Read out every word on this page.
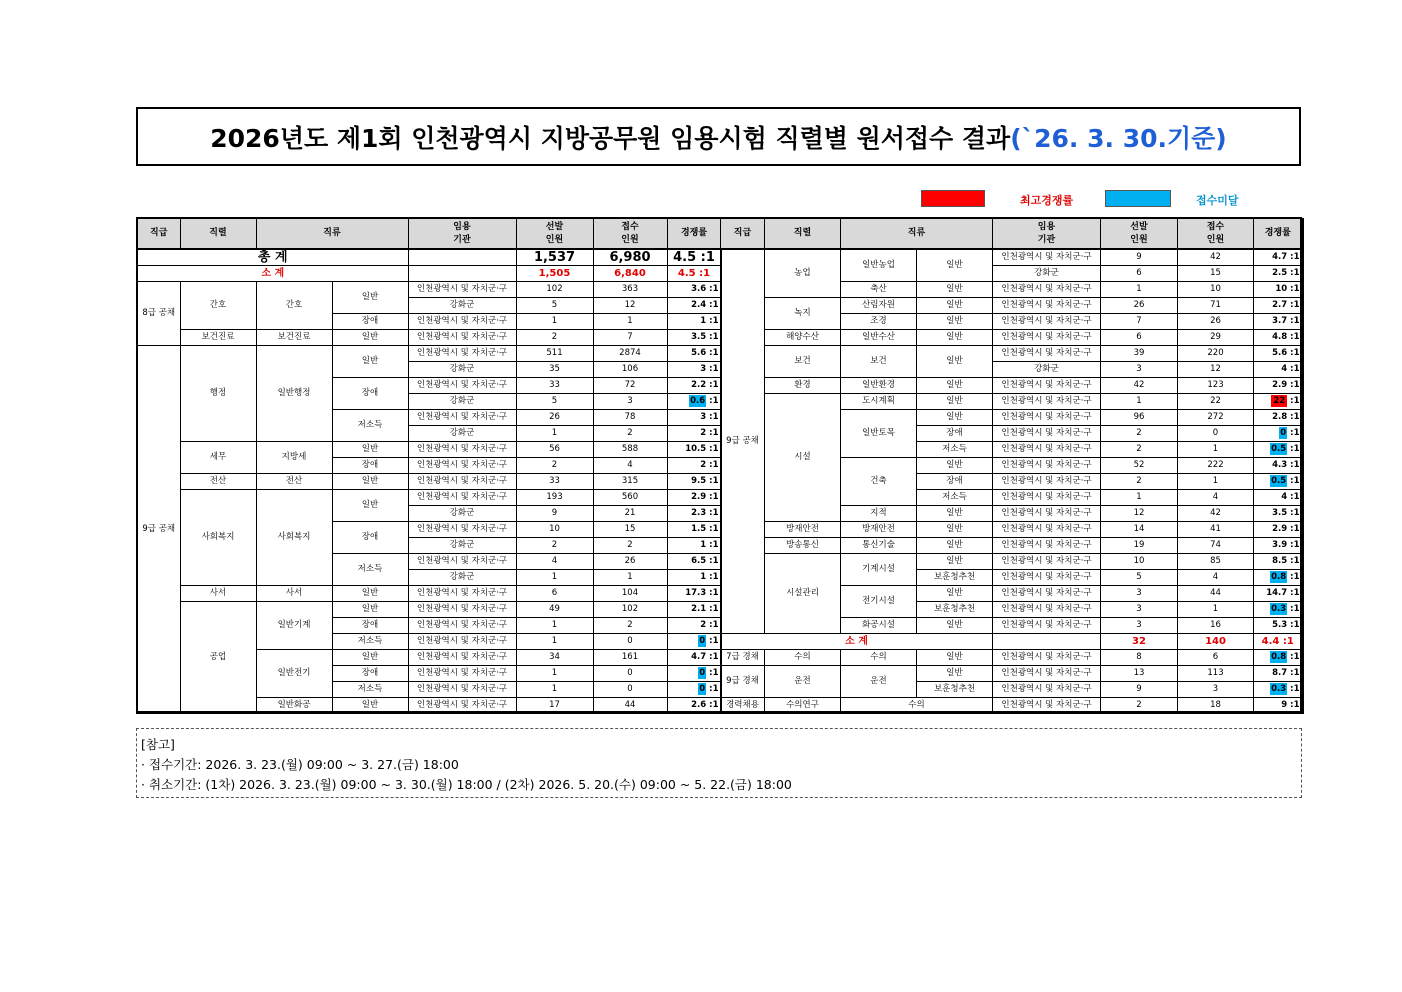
2026년도 제1회 인천광역시 지방공무원 임용시험 직렬별 원서접수 결과 (`26. 3. 30.기준)
최고경쟁률	접수미달
직급	직렬	직류		임용
기관	선발
인원	접수
인원	경쟁률
총 계					1,537	6,980	4.5 :1
소 계					1,505	6,840	4.5 :1
8급 공채	간호	간호	일반	인천광역시 및 자치군·구	102	363	3.6 :1
				강화군	5	12	2.4 :1
			장애	인천광역시 및 자치군·구	1	1	1 :1
	보건진료	보건진료	일반	인천광역시 및 자치군·구	2	7	3.5 :1
9급 공채	행정	일반행정	일반	인천광역시 및 자치군·구	511	2874	5.6 :1
				강화군	35	106	3 :1
			장애	인천광역시 및 자치군·구	33	72	2.2 :1
				강화군	5	3	0.6 :1
			저소득	인천광역시 및 자치군·구	26	78	3 :1
				강화군	1	2	2 :1
	세무	지방세	일반	인천광역시 및 자치군·구	56	588	10.5 :1
			장애	인천광역시 및 자치군·구	2	4	2 :1
	전산	전산	일반	인천광역시 및 자치군·구	33	315	9.5 :1
	사회복지	사회복지	일반	인천광역시 및 자치군·구	193	560	2.9 :1
				강화군	9	21	2.3 :1
			장애	인천광역시 및 자치군·구	10	15	1.5 :1
				강화군	2	2	1 :1
			저소득	인천광역시 및 자치군·구	4	26	6.5 :1
				강화군	1	1	1 :1
	사서	사서	일반	인천광역시 및 자치군·구	6	104	17.3 :1
	공업	일반기계	일반	인천광역시 및 자치군·구	49	102	2.1 :1
			장애	인천광역시 및 자치군·구	1	2	2 :1
			저소득	인천광역시 및 자치군·구	1	0	0 :1
		일반전기	일반	인천광역시 및 자치군·구	34	161	4.7 :1
			장애	인천광역시 및 자치군·구	1	0	0 :1
			저소득	인천광역시 및 자치군·구	1	0	0 :1
		일반화공	일반	인천광역시 및 자치군·구	17	44	2.6 :1
직급	직렬	직류		임용
기관	선발
인원	접수
인원	경쟁률
9급 공채	농업	일반농업	일반	인천광역시 및 자치군·구	9	42	4.7 :1
				강화군	6	15	2.5 :1
		축산	일반	인천광역시 및 자치군·구	1	10	10 :1
	녹지	산림자원	일반	인천광역시 및 자치군·구	26	71	2.7 :1
		조경	일반	인천광역시 및 자치군·구	7	26	3.7 :1
	해양수산	일반수산	일반	인천광역시 및 자치군·구	6	29	4.8 :1
	보건	보건	일반	인천광역시 및 자치군·구	39	220	5.6 :1
				강화군	3	12	4 :1
	환경	일반환경	일반	인천광역시 및 자치군·구	42	123	2.9 :1
	시설	도시계획	일반	인천광역시 및 자치군·구	1	22	22 :1
		일반토목	일반	인천광역시 및 자치군·구	96	272	2.8 :1
			장애	인천광역시 및 자치군·구	2	0	0 :1
			저소득	인천광역시 및 자치군·구	2	1	0.5 :1
		건축	일반	인천광역시 및 자치군·구	52	222	4.3 :1
			장애	인천광역시 및 자치군·구	2	1	0.5 :1
			저소득	인천광역시 및 자치군·구	1	4	4 :1
		지적	일반	인천광역시 및 자치군·구	12	42	3.5 :1
	방재안전	방재안전	일반	인천광역시 및 자치군·구	14	41	2.9 :1
	방송통신	통신기술	일반	인천광역시 및 자치군·구	19	74	3.9 :1
	시설관리	기계시설	일반	인천광역시 및 자치군·구	10	85	8.5 :1
			보훈청추천	인천광역시 및 자치군·구	5	4	0.8 :1
		전기시설	일반	인천광역시 및 자치군·구	3	44	14.7 :1
			보훈청추천	인천광역시 및 자치군·구	3	1	0.3 :1
		화공시설	일반	인천광역시 및 자치군·구	3	16	5.3 :1
소 계					32	140	4.4 :1
7급 경채	수의	수의	일반	인천광역시 및 자치군·구	8	6	0.8 :1
9급 경채	운전	운전	일반	인천광역시 및 자치군·구	13	113	8.7 :1
			보훈청추천	인천광역시 및 자치군·구	9	3	0.3 :1
경력채용	수의연구	수의		인천광역시 및 자치군·구	2	18	9 :1
[참고]
· 접수기간: 2026. 3. 23.(월) 09:00 ~ 3. 27.(금) 18:00
· 취소기간: (1차) 2026. 3. 23.(월) 09:00 ~ 3. 30.(월) 18:00 / (2차) 2026. 5. 20.(수) 09:00 ~ 5. 22.(금) 18:00
